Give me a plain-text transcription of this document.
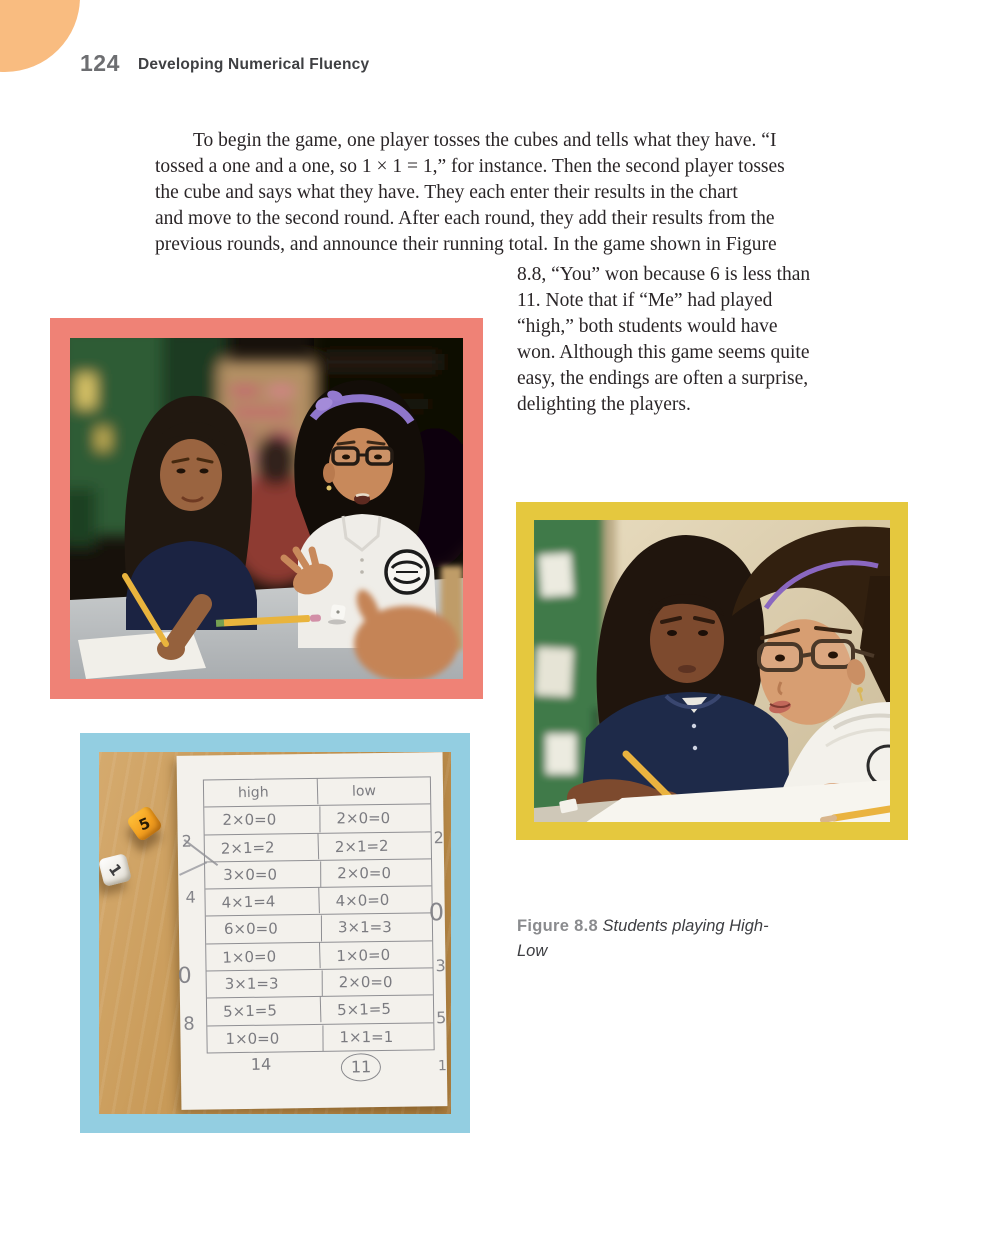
124 Developing Numerical Fluency
To begin the game, one player tosses the cubes and tells what they have. “I
tossed a one and a one, so 1 × 1 = 1,” for instance. Then the second player tosses
the cube and says what they have. They each enter their results in the chart
and move to the second round. After each round, they add their results from the
previous rounds, and announce their running total. In the game shown in Figure
8.8, “You” won because 6 is less than
11. Note that if “Me” had played
“high,” both students would have
won. Although this game seems quite
easy, the endings are often a surprise,
delighting the players.
5
1
high	low
2×0=0	2×0=0
2×1=2	2×1=2
3×0=0	2×0=0
4×1=4	4×0=0
6×0=0	3×1=3
1×0=0	1×0=0
3×1=3	2×0=0
5×1=5	5×1=5
1×0=0	1×1=1
14	11
2
4
0
8
2
0
3
5
1
Figure 8.8 Students playing High-Low
